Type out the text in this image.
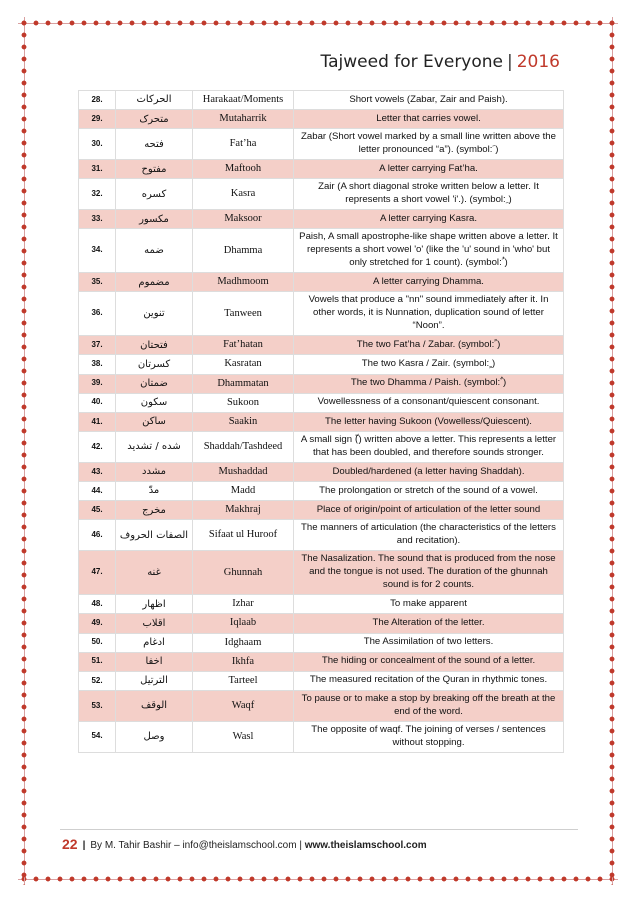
Tajweed for Everyone | 2016
28.	الحركات	Harakaat/Moments	Short vowels (Zabar, Zair and Paish).
29.	متحرک	Mutaharrik	Letter that carries vowel.
30.	فتحه	Fat’ha	Zabar (Short vowel marked by a small line written above the letter pronounced “a”). (symbol: َ)
31.	مفتوح	Maftooh	A letter carrying Fat’ha.
32.	كسره	Kasra	Zair (A short diagonal stroke written below a letter. It represents a short vowel 'i'.). (symbol: ِ)
33.	مكسور	Maksoor	A letter carrying Kasra.
34.	ضمه	Dhamma	Paish, A small apostrophe-like shape written above a letter. It represents a short vowel 'o' (like the 'u' sound in 'who' but only stretched for 1 count). (symbol: ُ)
35.	مضموم	Madhmoom	A letter carrying Dhamma.
36.	تنوين	Tanween	Vowels that produce a "nn" sound immediately after it. In other words, it is Nunnation, duplication sound of letter “Noon”.
37.	فتحتان	Fat’hatan	The two Fat’ha / Zabar. (symbol: ً)
38.	كسرتان	Kasratan	The two Kasra / Zair. (symbol: ٍ)
39.	ضمتان	Dhammatan	The two Dhamma / Paish. (symbol: ٌ)
40.	سكون	Sukoon	Vowellessness of a consonant/quiescent consonant.
41.	ساكن	Saakin	The letter having Sukoon (Vowelless/Quiescent).
42.	شده / تشديد	Shaddah/Tashdeed	A small sign (ّ) written above a letter. This represents a letter that has been doubled, and therefore sounds stronger.
43.	مشدد	Mushaddad	Doubled/hardened (a letter having Shaddah).
44.	مدّ	Madd	The prolongation or stretch of the sound of a vowel.
45.	مخرج	Makhraj	Place of origin/point of articulation of the letter sound
46.	الصفات الحروف	Sifaat ul Huroof	The manners of articulation (the characteristics of the letters and recitation).
47.	غنه	Ghunnah	The Nasalization. The sound that is produced from the nose and the tongue is not used. The duration of the ghunnah sound is for 2 counts.
48.	اظهار	Izhar	To make apparent
49.	اقلاب	Iqlaab	The Alteration of the letter.
50.	ادغام	Idghaam	The Assimilation of two letters.
51.	اخفا	Ikhfa	The hiding or concealment of the sound of a letter.
52.	الترتيل	Tarteel	The measured recitation of the Quran in rhythmic tones.
53.	الوقف	Waqf	To pause or to make a stop by breaking off the breath at the end of the word.
54.	وصل	Wasl	The opposite of waqf. The joining of verses / sentences without stopping.
22 | By M. Tahir Bashir – info@theislamschool.com | www.theislamschool.com
